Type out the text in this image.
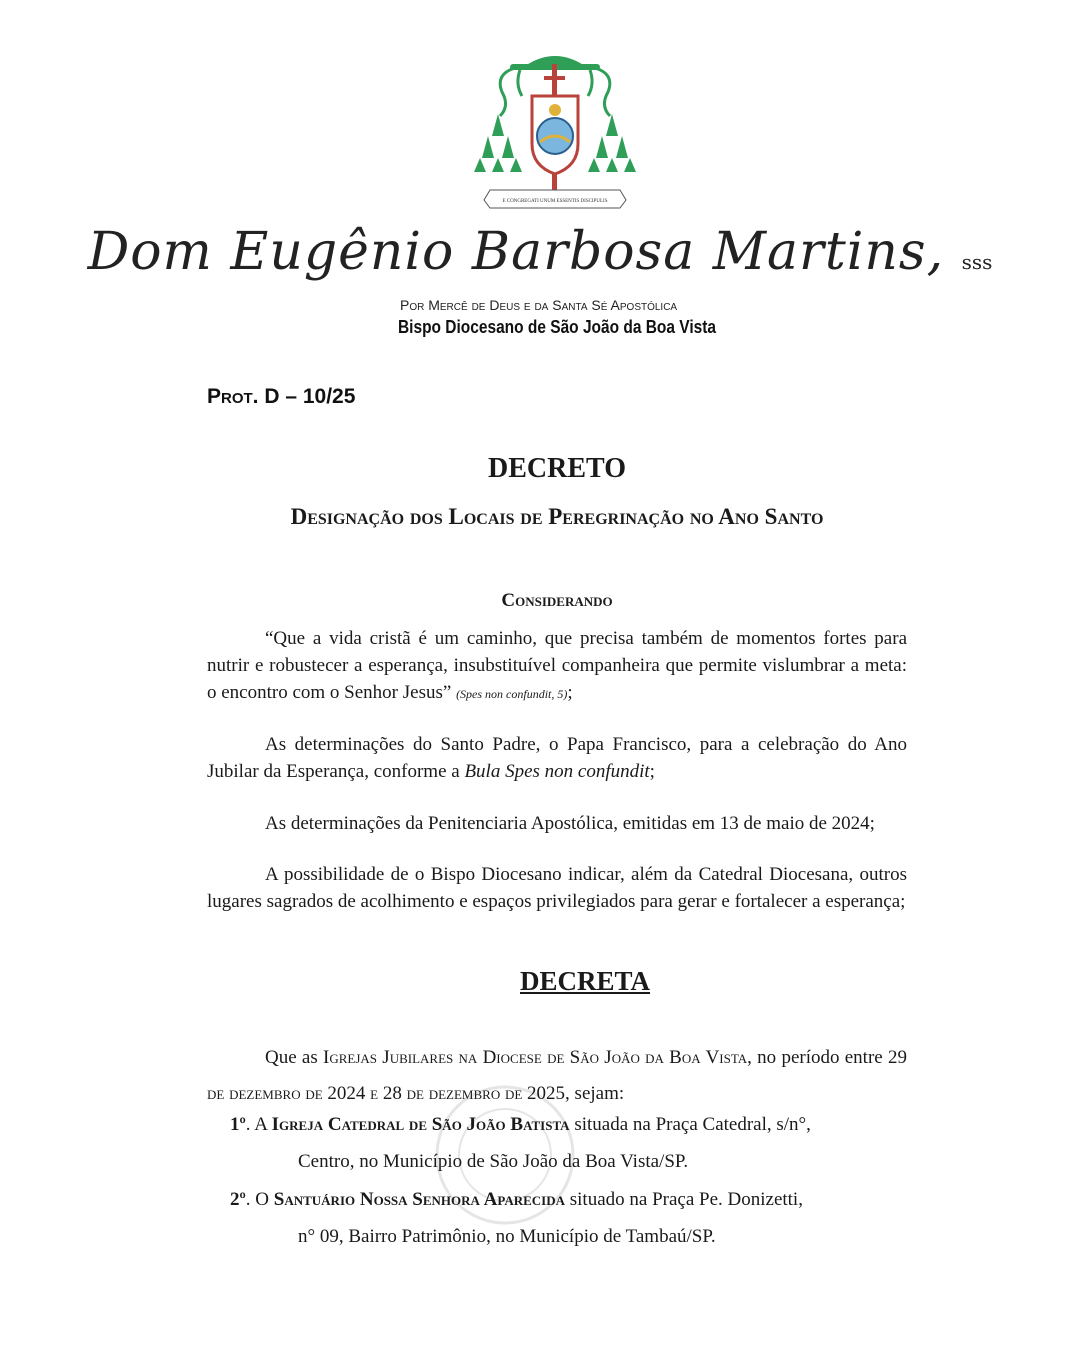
E CONGREGATI UNUM ESSENTIS DISCIPULIS
Dom Eugênio Barbosa Martins, sss
Por Mercê de Deus e da Santa Sé Apostólica
Bispo Diocesano de São João da Boa Vista
Prot. D – 10/25
DECRETO
Designação dos Locais de Peregrinação no Ano Santo
Considerando
“Que a vida cristã é um caminho, que precisa também de momentos fortes para nutrir e robustecer a esperança, insubstituível companheira que permite vislumbrar a meta: o encontro com o Senhor Jesus” (Spes non confundit, 5);
As determinações do Santo Padre, o Papa Francisco, para a celebração do Ano Jubilar da Esperança, conforme a Bula Spes non confundit;
As determinações da Penitenciaria Apostólica, emitidas em 13 de maio de 2024;
A possibilidade de o Bispo Diocesano indicar, além da Catedral Diocesana, outros lugares sagrados de acolhimento e espaços privilegiados para gerar e fortalecer a esperança;
DECRETA
Que as Igrejas Jubilares na Diocese de São João da Boa Vista, no período entre 29 de dezembro de 2024 e 28 de dezembro de 2025, sejam:
1º. A Igreja Catedral de São João Batista situada na Praça Catedral, s/n°,
Centro, no Município de São João da Boa Vista/SP.
2º. O Santuário Nossa Senhora Aparecida situado na Praça Pe. Donizetti,
n° 09, Bairro Patrimônio, no Município de Tambaú/SP.
